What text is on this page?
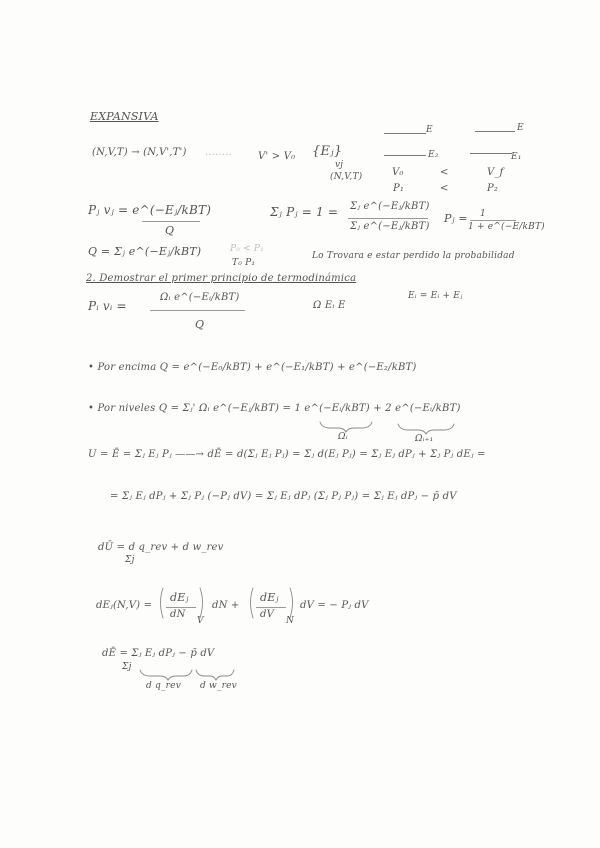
EXPANSIVA
(N,V,T) → (N,V',T') ········	V' > V₀ {Eⱼ}
vj
(N,V,T)
E	E
E₂	E₁
V₀	<	V_f
P₁	<	P₂
Pⱼ vⱼ = e^(−Eⱼ/kBT)
Q
Σⱼ Pⱼ = 1 = Σⱼ e^(−Eⱼ/kBT)
Σⱼ e^(−Eⱼ/kBT)
Pⱼ = 1
1 + e^(−E/kBT)
Q = Σⱼ e^(−Eⱼ/kBT)	P₀ < P₁
T₀ P₁
Lo Trovara e estar perdido la probabilidad
2. Demostrar el primer principio de termodinámica
Pᵢ vᵢ =
Ωᵢ e^(−Eᵢ/kBT)
Q
Ω Eᵢ E
Eᵢ = Eᵢ + Eⱼ
• Por encima Q = e^(−E₀/kBT) + e^(−E₁/kBT) + e^(−E₂/kBT)
• Por niveles Q = Σⱼ' Ωᵢ e^(−Eⱼ/kBT) = 1 e^(−Eᵢ/kBT) + 2 e^(−Eᵢ/kBT)
Ωᵢ	Ωᵢ₊₁
U = Ē = Σⱼ Eⱼ Pⱼ ——→ dĒ = d(Σⱼ Eⱼ Pⱼ) = Σⱼ d(Eⱼ Pⱼ) = Σⱼ Eⱼ dPⱼ + Σⱼ Pⱼ dEⱼ =
= Σⱼ Eⱼ dPⱼ + Σⱼ Pⱼ (−Pⱼ dV) = Σⱼ Eⱼ dPⱼ (Σⱼ Pⱼ Pⱼ) = Σⱼ Eⱼ dPⱼ − p̄ dV
dŪ = d q_rev + d w_rev
Σj
dEⱼ(N,V) =
dEⱼ
dN
V
dN +
dEⱼ
dV
N
dV = − Pⱼ dV
dĒ = Σⱼ Eⱼ dPⱼ − p̄ dV
Σj
d q_rev d w_rev
